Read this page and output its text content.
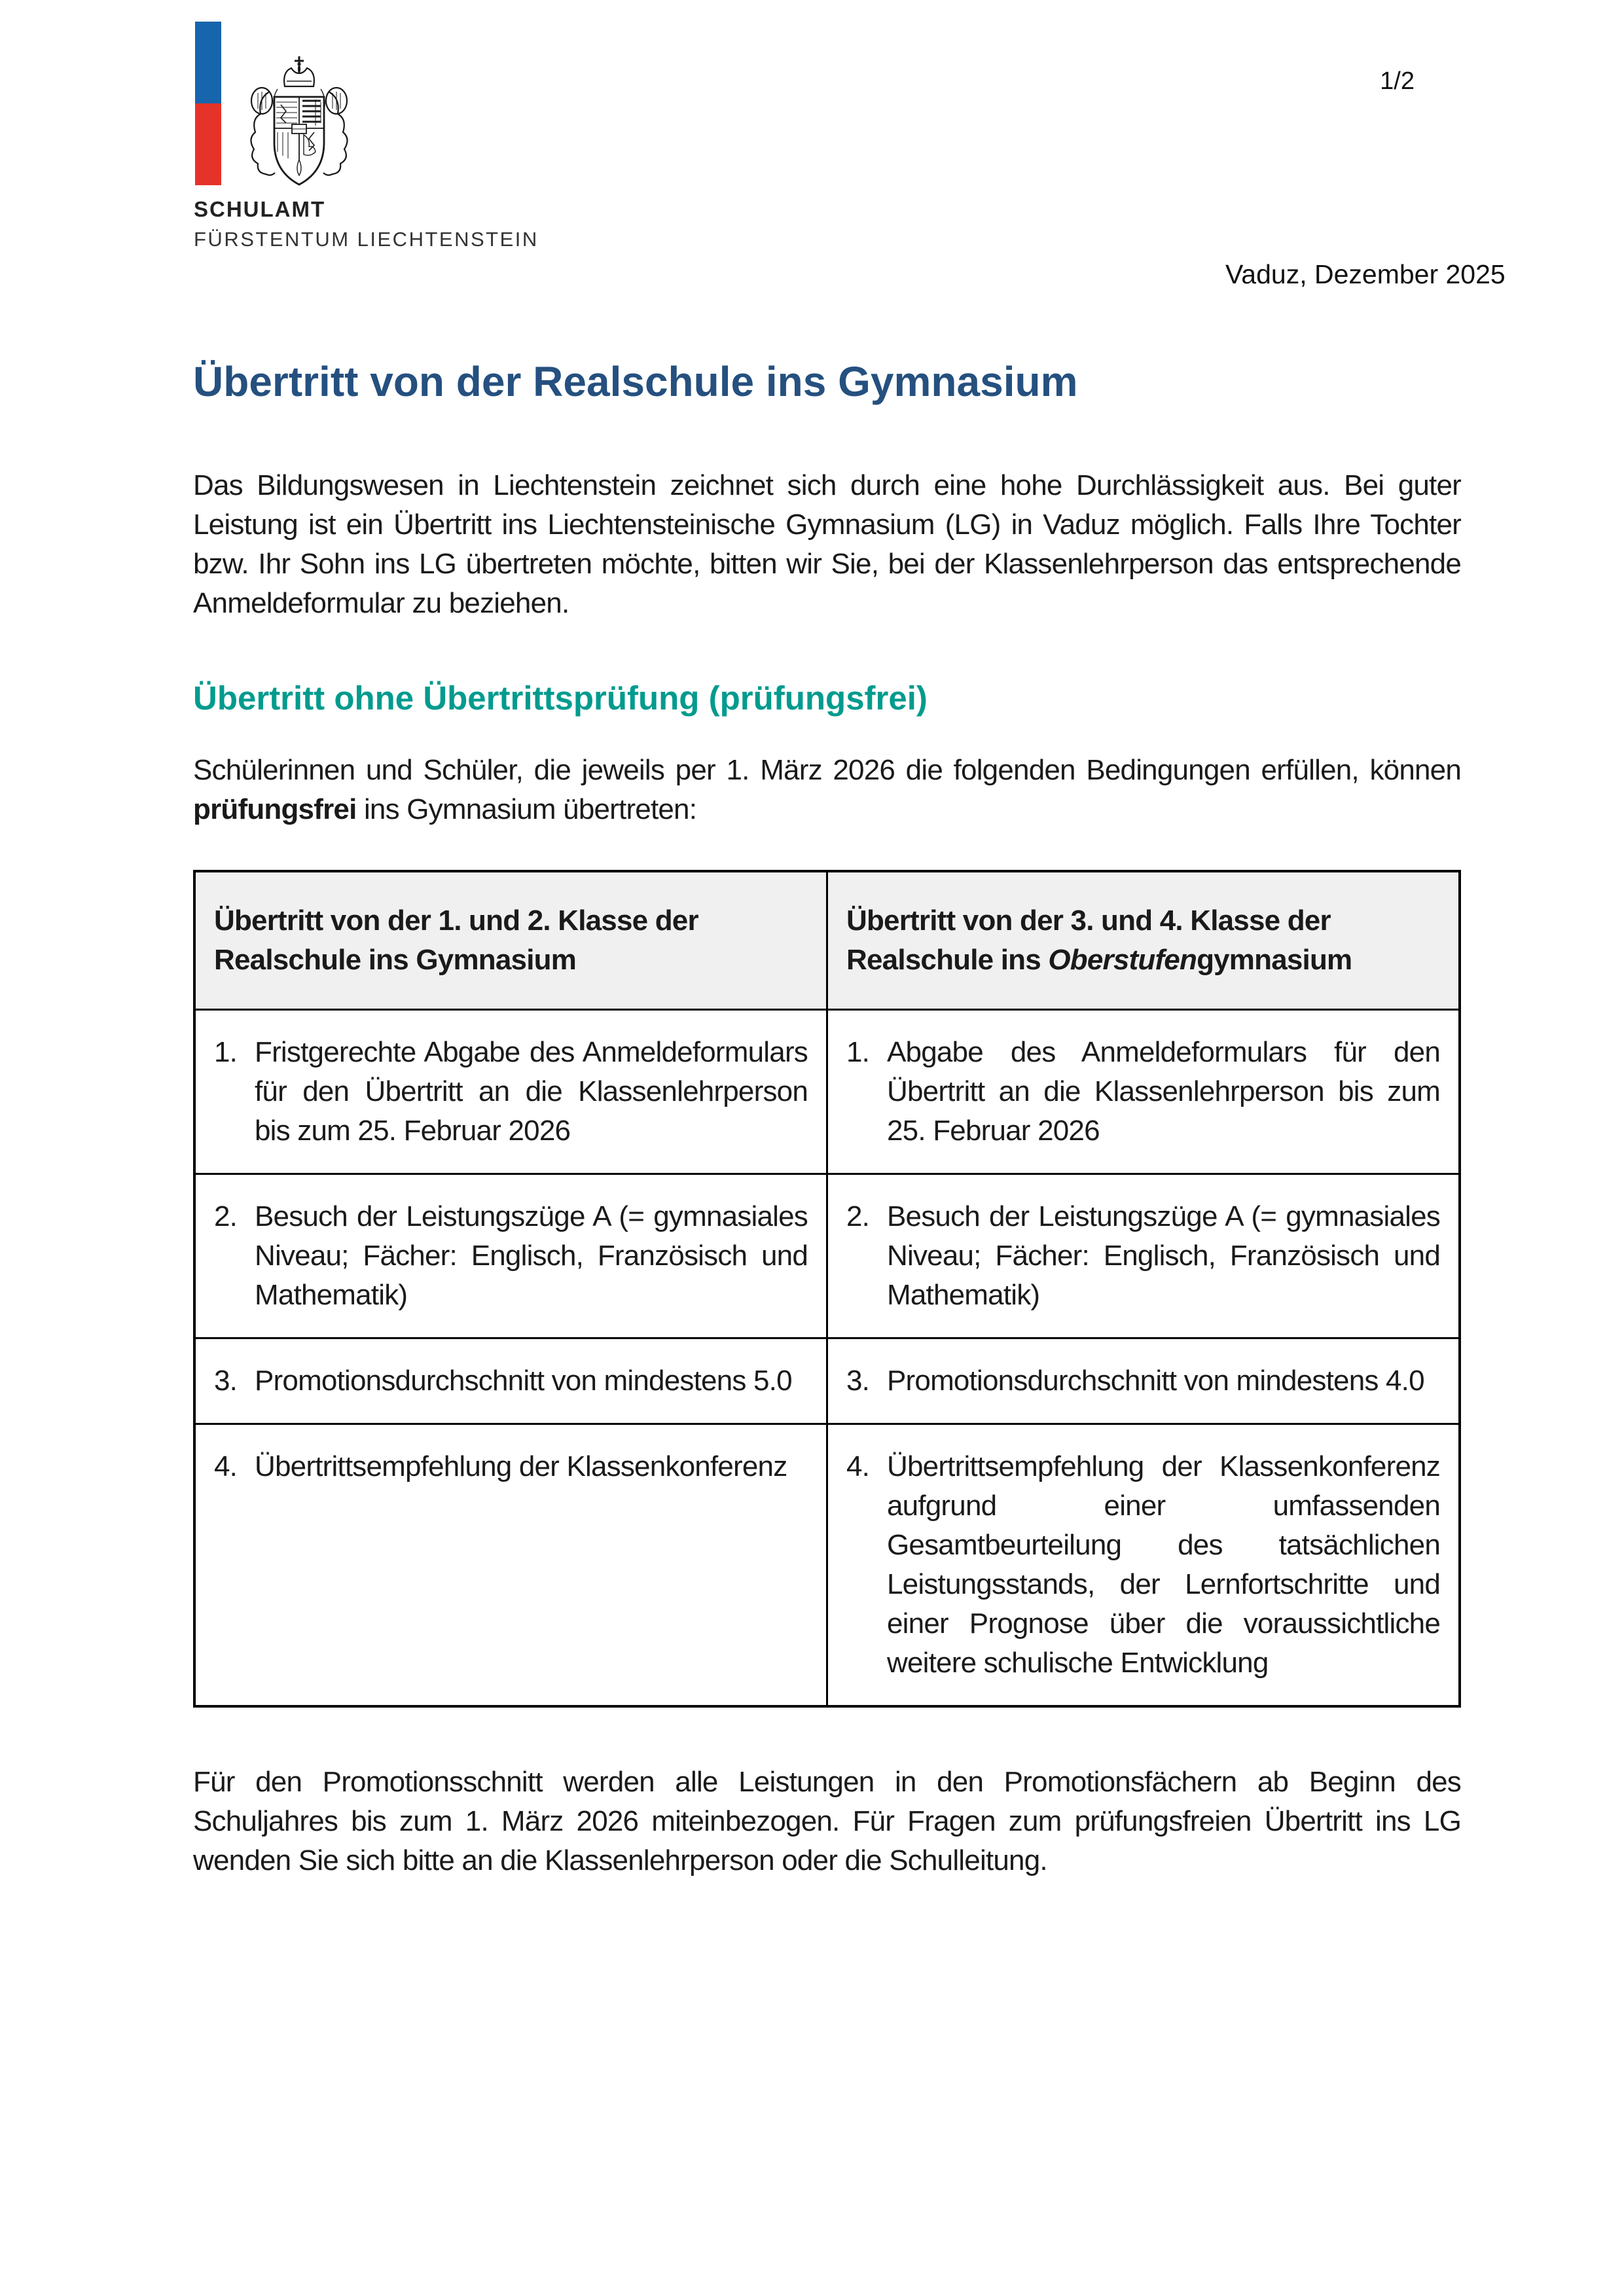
SCHULAMT
FÜRSTENTUM LIECHTENSTEIN
1/2
Vaduz, Dezember 2025
Übertritt von der Realschule ins Gymnasium

Das Bildungswesen in Liechtenstein zeichnet sich durch eine hohe Durchlässigkeit aus. Bei guter Leistung ist ein Übertritt ins Liechtensteinische Gymnasium (LG) in Vaduz möglich. Falls Ihre Tochter bzw. Ihr Sohn ins LG übertreten möchte, bitten wir Sie, bei der Klassenlehrperson das entsprechende Anmeldeformular zu beziehen.

Übertritt ohne Übertrittsprüfung (prüfungsfrei)

Schülerinnen und Schüler, die jeweils per 1. März 2026 die folgenden Bedingungen erfüllen, können prüfungsfrei ins Gymnasium übertreten:

Übertritt von der 1. und 2. Klasse der Realschule ins Gymnasium	Übertritt von der 3. und 4. Klasse der Realschule ins Oberstufengymnasium

1. Fristgerechte Abgabe des Anmeldeformulars für den Übertritt an die Klassenlehrperson bis zum 25. Februar 2026	1. Abgabe des Anmeldeformulars für den Übertritt an die Klassenlehrperson bis zum 25. Februar 2026

2. Besuch der Leistungszüge A (= gymnasiales Niveau; Fächer: Englisch, Französisch und Mathematik)	2. Besuch der Leistungszüge A (= gymnasiales Niveau; Fächer: Englisch, Französisch und Mathematik)

3. Promotionsdurchschnitt von mindestens 5.0	3. Promotionsdurchschnitt von mindestens 4.0

4. Übertrittsempfehlung der Klassenkonferenz	4. Übertrittsempfehlung der Klassenkonferenz aufgrund einer umfassenden Gesamtbeurteilung des tatsächlichen Leistungsstands, der Lernfortschritte und einer Prognose über die voraussichtliche weitere schulische Entwicklung

Für den Promotionsschnitt werden alle Leistungen in den Promotionsfächern ab Beginn des Schuljahres bis zum 1. März 2026 miteinbezogen. Für Fragen zum prüfungsfreien Übertritt ins LG wenden Sie sich bitte an die Klassenlehrperson oder die Schulleitung.
